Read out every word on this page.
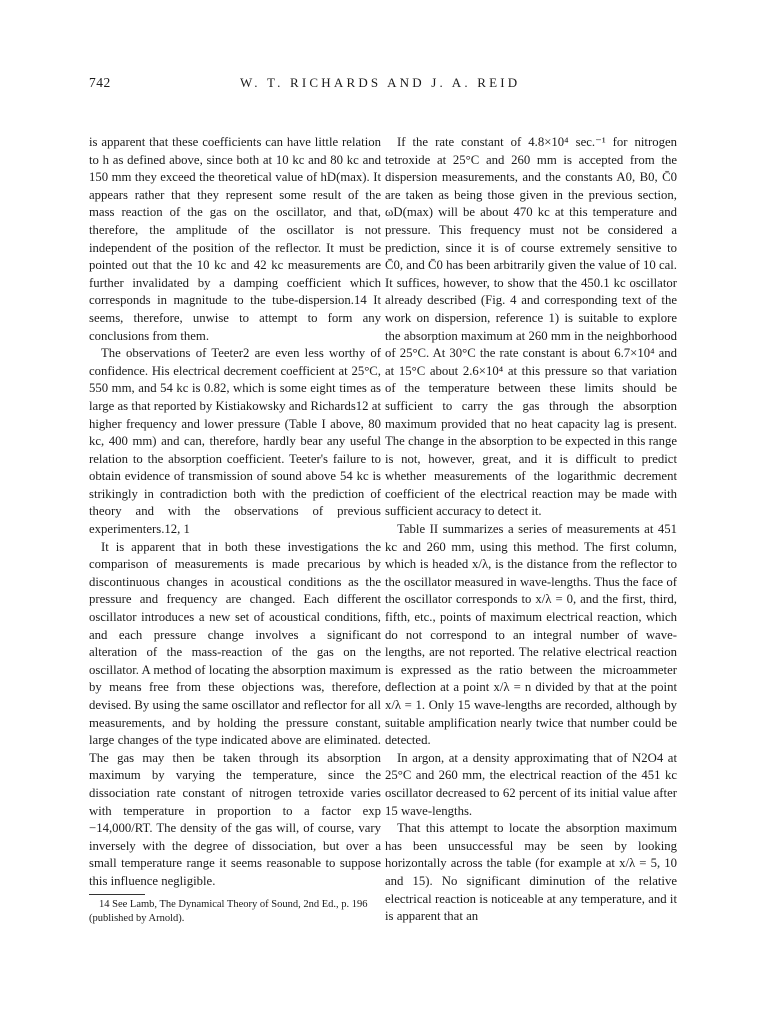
742	W. T. RICHARDS AND J. A. REID

is apparent that these coefficients can have little relation to h as defined above, since both at 10 kc and 80 kc and 150 mm they exceed the theoretical value of hD(max). It appears rather that they represent some result of the mass reaction of the gas on the oscillator, and that, therefore, the amplitude of the oscillator is not independent of the position of the reflector. It must be pointed out that the 10 kc and 42 kc measurements are further invalidated by a damping coefficient which corresponds in magnitude to the tube-dispersion.14 It seems, therefore, unwise to attempt to form any conclusions from them.

The observations of Teeter2 are even less worthy of confidence. His electrical decrement coefficient at 25°C, 550 mm, and 54 kc is 0.82, which is some eight times as large as that reported by Kistiakowsky and Richards12 at higher frequency and lower pressure (Table I above, 80 kc, 400 mm) and can, therefore, hardly bear any useful relation to the absorption coefficient. Teeter's failure to obtain evidence of transmission of sound above 54 kc is strikingly in contradiction both with the prediction of theory and with the observations of previous experimenters.12, 1

It is apparent that in both these investigations the comparison of measurements is made precarious by discontinuous changes in acoustical conditions as the pressure and frequency are changed. Each different oscillator introduces a new set of acoustical conditions, and each pressure change involves a significant alteration of the mass-reaction of the gas on the oscillator. A method of locating the absorption maximum by means free from these objections was, therefore, devised. By using the same oscillator and reflector for all measurements, and by holding the pressure constant, large changes of the type indicated above are eliminated. The gas may then be taken through its absorption maximum by varying the temperature, since the dissociation rate constant of nitrogen tetroxide varies with temperature in proportion to a factor exp −14,000/RT. The density of the gas will, of course, vary inversely with the degree of dissociation, but over a small temperature range it seems reasonable to suppose this influence negligible.

14 See Lamb, The Dynamical Theory of Sound, 2nd Ed., p. 196 (published by Arnold).

If the rate constant of 4.8×10⁴ sec.⁻¹ for nitrogen tetroxide at 25°C and 260 mm is accepted from the dispersion measurements, and the constants A0, B0, C̄0 are taken as being those given in the previous section, ωD(max) will be about 470 kc at this temperature and pressure. This frequency must not be considered a prediction, since it is of course extremely sensitive to C̄0, and C̄0 has been arbitrarily given the value of 10 cal. It suffices, however, to show that the 450.1 kc oscillator already described (Fig. 4 and corresponding text of the work on dispersion, reference 1) is suitable to explore the absorption maximum at 260 mm in the neighborhood of 25°C. At 30°C the rate constant is about 6.7×10⁴ and at 15°C about 2.6×10⁴ at this pressure so that variation of the temperature between these limits should be sufficient to carry the gas through the absorption maximum provided that no heat capacity lag is present. The change in the absorption to be expected in this range is not, however, great, and it is difficult to predict whether measurements of the logarithmic decrement coefficient of the electrical reaction may be made with sufficient accuracy to detect it.

Table II summarizes a series of measurements at 451 kc and 260 mm, using this method. The first column, which is headed x/λ, is the distance from the reflector to the oscillator measured in wave-lengths. Thus the face of the oscillator corresponds to x/λ = 0, and the first, third, fifth, etc., points of maximum electrical reaction, which do not correspond to an integral number of wave-lengths, are not reported. The relative electrical reaction is expressed as the ratio between the microammeter deflection at a point x/λ = n divided by that at the point x/λ = 1. Only 15 wave-lengths are recorded, although by suitable amplification nearly twice that number could be detected.

In argon, at a density approximating that of N2O4 at 25°C and 260 mm, the electrical reaction of the 451 kc oscillator decreased to 62 percent of its initial value after 15 wave-lengths.

That this attempt to locate the absorption maximum has been unsuccessful may be seen by looking horizontally across the table (for example at x/λ = 5, 10 and 15). No significant diminution of the relative electrical reaction is noticeable at any temperature, and it is apparent that an
